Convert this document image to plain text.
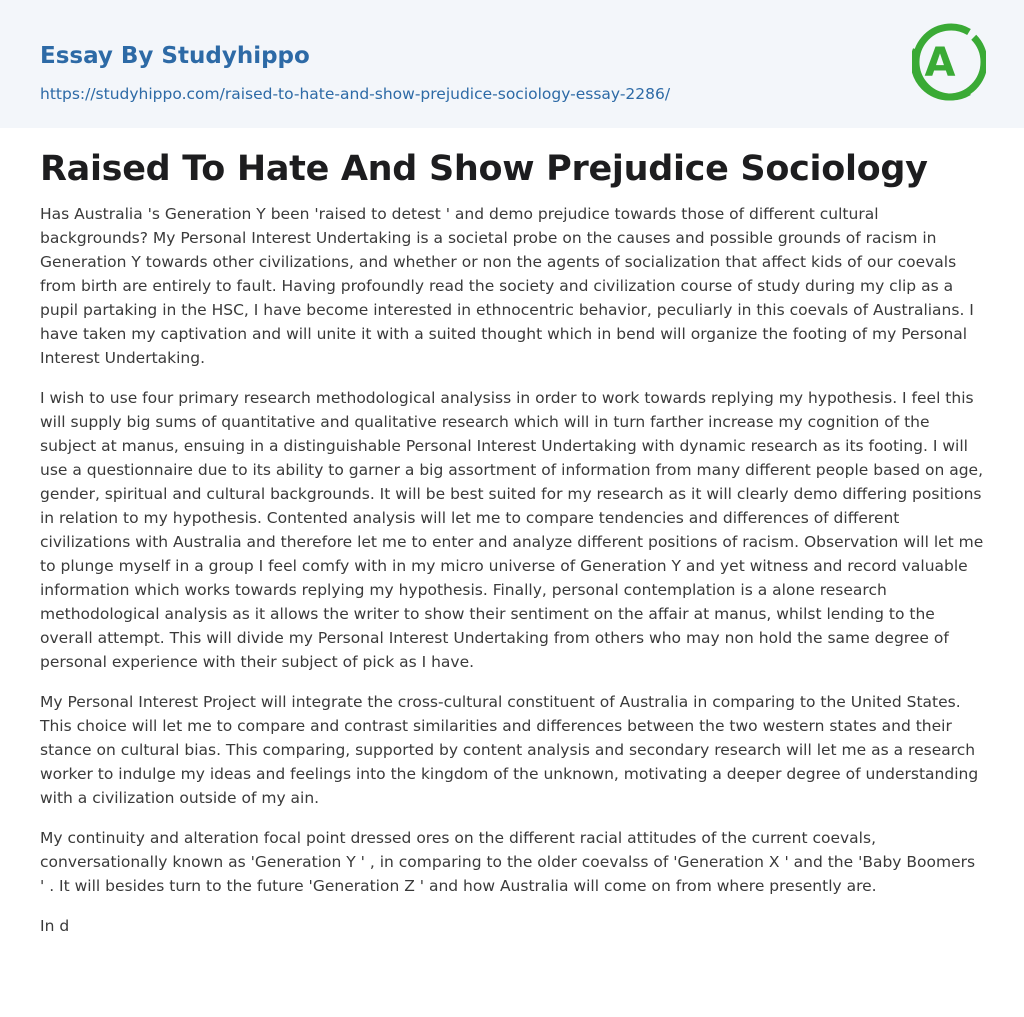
Essay By Studyhippo
https://studyhippo.com/raised-to-hate-and-show-prejudice-sociology-essay-2286/
A
Raised To Hate And Show Prejudice Sociology

Has Australia 's Generation Y been 'raised to detest ' and demo prejudice towards those of different cultural backgrounds? My Personal Interest Undertaking is a societal probe on the causes and possible grounds of racism in Generation Y towards other civilizations, and whether or non the agents of socialization that affect kids of our coevals from birth are entirely to fault. Having profoundly read the society and civilization course of study during my clip as a pupil partaking in the HSC, I have become interested in ethnocentric behavior, peculiarly in this coevals of Australians. I have taken my captivation and will unite it with a suited thought which in bend will organize the footing of my Personal Interest Undertaking.

I wish to use four primary research methodological analysiss in order to work towards replying my hypothesis. I feel this will supply big sums of quantitative and qualitative research which will in turn farther increase my cognition of the subject at manus, ensuing in a distinguishable Personal Interest Undertaking with dynamic research as its footing. I will use a questionnaire due to its ability to garner a big assortment of information from many different people based on age, gender, spiritual and cultural backgrounds. It will be best suited for my research as it will clearly demo differing positions in relation to my hypothesis. Contented analysis will let me to compare tendencies and differences of different civilizations with Australia and therefore let me to enter and analyze different positions of racism. Observation will let me to plunge myself in a group I feel comfy with in my micro universe of Generation Y and yet witness and record valuable information which works towards replying my hypothesis. Finally, personal contemplation is a alone research methodological analysis as it allows the writer to show their sentiment on the affair at manus, whilst lending to the overall attempt. This will divide my Personal Interest Undertaking from others who may non hold the same degree of personal experience with their subject of pick as I have.

My Personal Interest Project will integrate the cross-cultural constituent of Australia in comparing to the United States. This choice will let me to compare and contrast similarities and differences between the two western states and their stance on cultural bias. This comparing, supported by content analysis and secondary research will let me as a research worker to indulge my ideas and feelings into the kingdom of the unknown, motivating a deeper degree of understanding with a civilization outside of my ain.

My continuity and alteration focal point dressed ores on the different racial attitudes of the current coevals, conversationally known as 'Generation Y ' , in comparing to the older coevalss of 'Generation X ' and the 'Baby Boomers ' . It will besides turn to the future 'Generation Z ' and how Australia will come on from where presently are.

In d
